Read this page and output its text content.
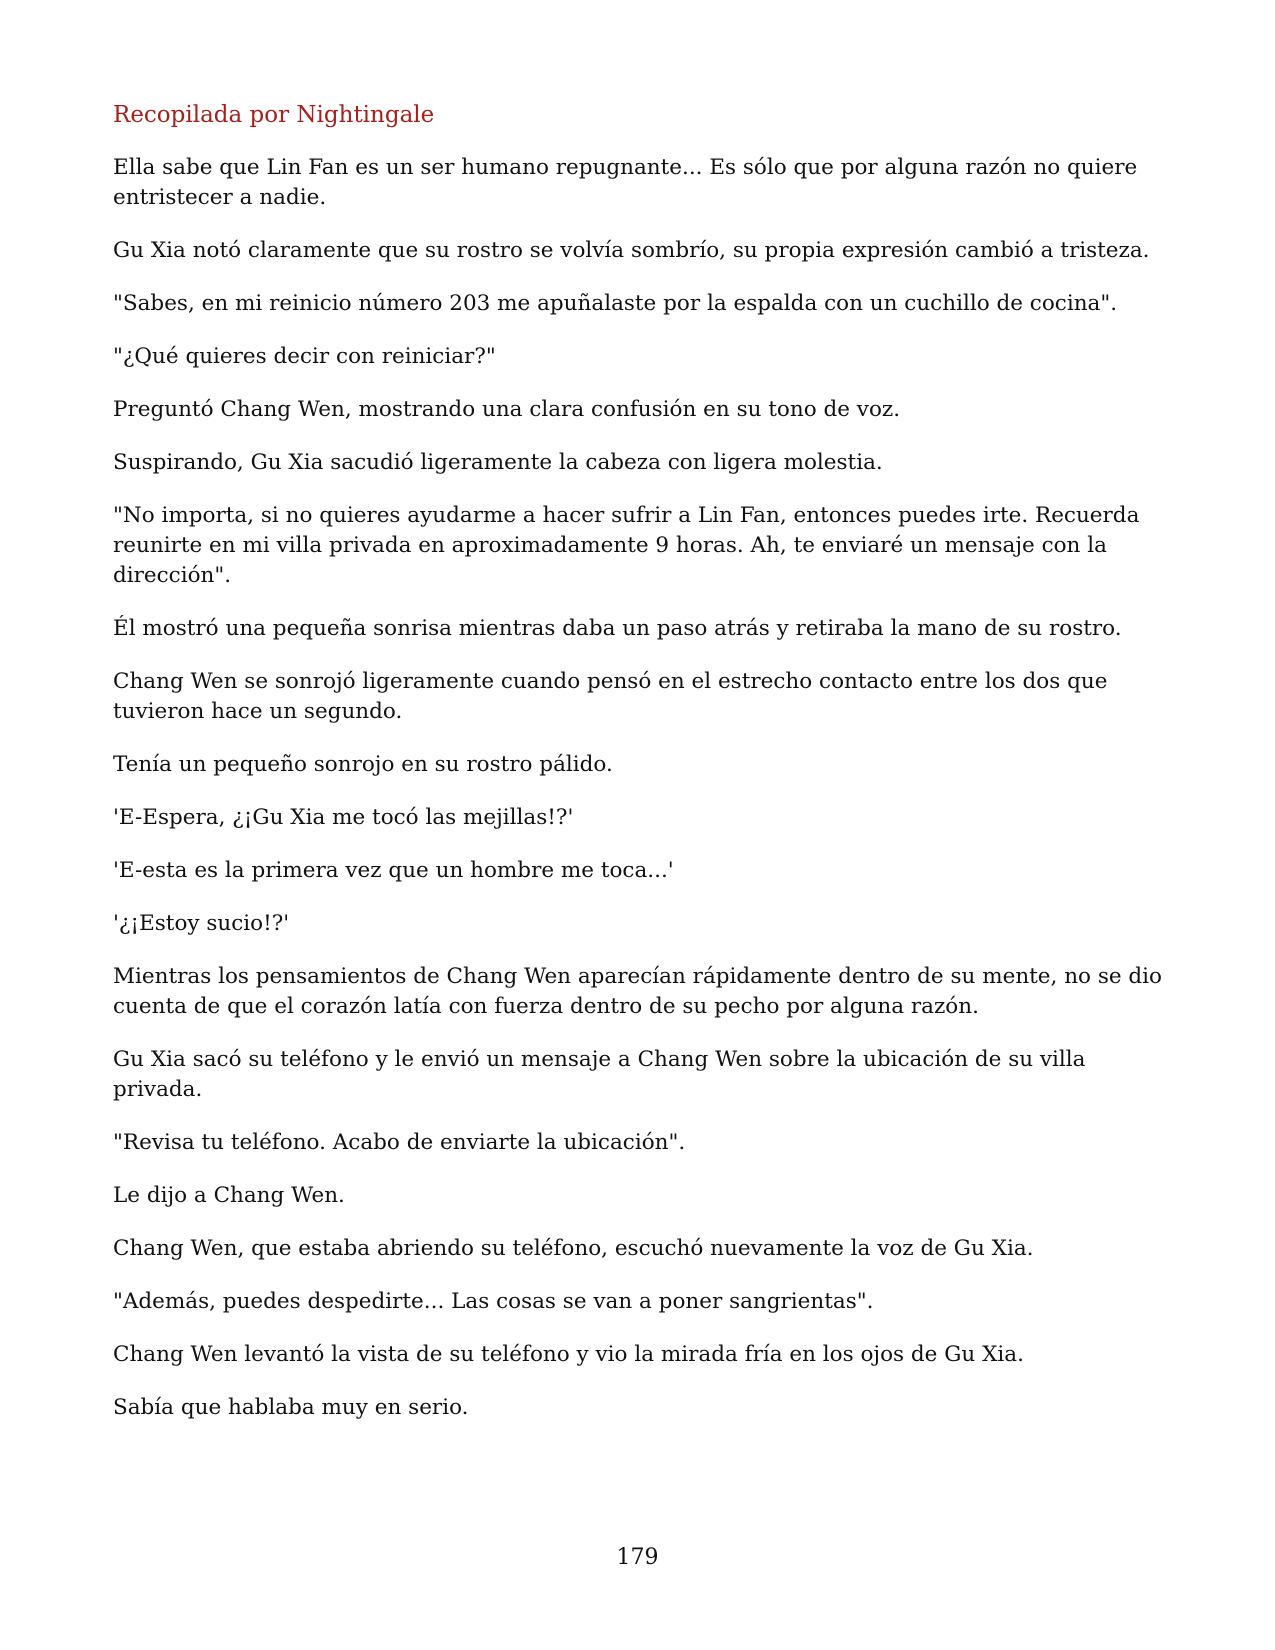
Recopilada por Nightingale

Ella sabe que Lin Fan es un ser humano repugnante... Es sólo que por alguna razón no quiere entristecer a nadie.

Gu Xia notó claramente que su rostro se volvía sombrío, su propia expresión cambió a tristeza.

"Sabes, en mi reinicio número 203 me apuñalaste por la espalda con un cuchillo de cocina".

"¿Qué quieres decir con reiniciar?"

Preguntó Chang Wen, mostrando una clara confusión en su tono de voz.

Suspirando, Gu Xia sacudió ligeramente la cabeza con ligera molestia.

"No importa, si no quieres ayudarme a hacer sufrir a Lin Fan, entonces puedes irte. Recuerda reunirte en mi villa privada en aproximadamente 9 horas. Ah, te enviaré un mensaje con la dirección".

Él mostró una pequeña sonrisa mientras daba un paso atrás y retiraba la mano de su rostro.

Chang Wen se sonrojó ligeramente cuando pensó en el estrecho contacto entre los dos que tuvieron hace un segundo.

Tenía un pequeño sonrojo en su rostro pálido.

'E-Espera, ¿¡Gu Xia me tocó las mejillas!?'

'E-esta es la primera vez que un hombre me toca...'

'¿¡Estoy sucio!?'

Mientras los pensamientos de Chang Wen aparecían rápidamente dentro de su mente, no se dio cuenta de que el corazón latía con fuerza dentro de su pecho por alguna razón.

Gu Xia sacó su teléfono y le envió un mensaje a Chang Wen sobre la ubicación de su villa privada.

"Revisa tu teléfono. Acabo de enviarte la ubicación".

Le dijo a Chang Wen.

Chang Wen, que estaba abriendo su teléfono, escuchó nuevamente la voz de Gu Xia.

"Además, puedes despedirte... Las cosas se van a poner sangrientas".

Chang Wen levantó la vista de su teléfono y vio la mirada fría en los ojos de Gu Xia.

Sabía que hablaba muy en serio.

179
